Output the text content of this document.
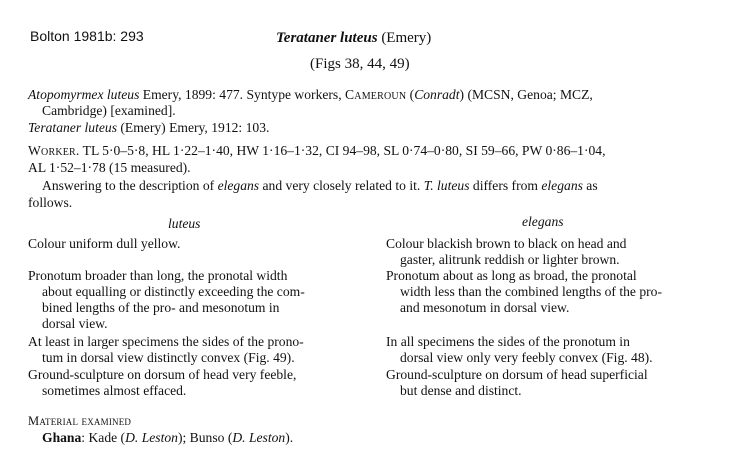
Bolton 1981b: 293	Terataner luteus (Emery)
(Figs 38, 44, 49)
Atopomyrmex luteus Emery, 1899: 477. Syntype workers, Cameroun (Conradt) (MCSN, Genoa; MCZ,
Cambridge) [examined].
Terataner luteus (Emery) Emery, 1912: 103.
Worker. TL 5·0–5·8, HL 1·22–1·40, HW 1·16–1·32, CI 94–98, SL 0·74–0·80, SI 59–66, PW 0·86–1·04,
AL 1·52–1·78 (15 measured).
Answering to the description of elegans and very closely related to it. T. luteus differs from elegans as
follows.
luteus	elegans
Colour uniform dull yellow.
Pronotum broader than long, the pronotal width
about equalling or distinctly exceeding the com-
bined lengths of the pro- and mesonotum in
dorsal view.
At least in larger specimens the sides of the prono-
tum in dorsal view distinctly convex (Fig. 49).
Ground-sculpture on dorsum of head very feeble,
sometimes almost effaced.
Colour blackish brown to black on head and
gaster, alitrunk reddish or lighter brown.
Pronotum about as long as broad, the pronotal
width less than the combined lengths of the pro-
and mesonotum in dorsal view.
In all specimens the sides of the pronotum in
dorsal view only very feebly convex (Fig. 48).
Ground-sculpture on dorsum of head superficial
but dense and distinct.
Material examined
Ghana: Kade (D. Leston); Bunso (D. Leston).
